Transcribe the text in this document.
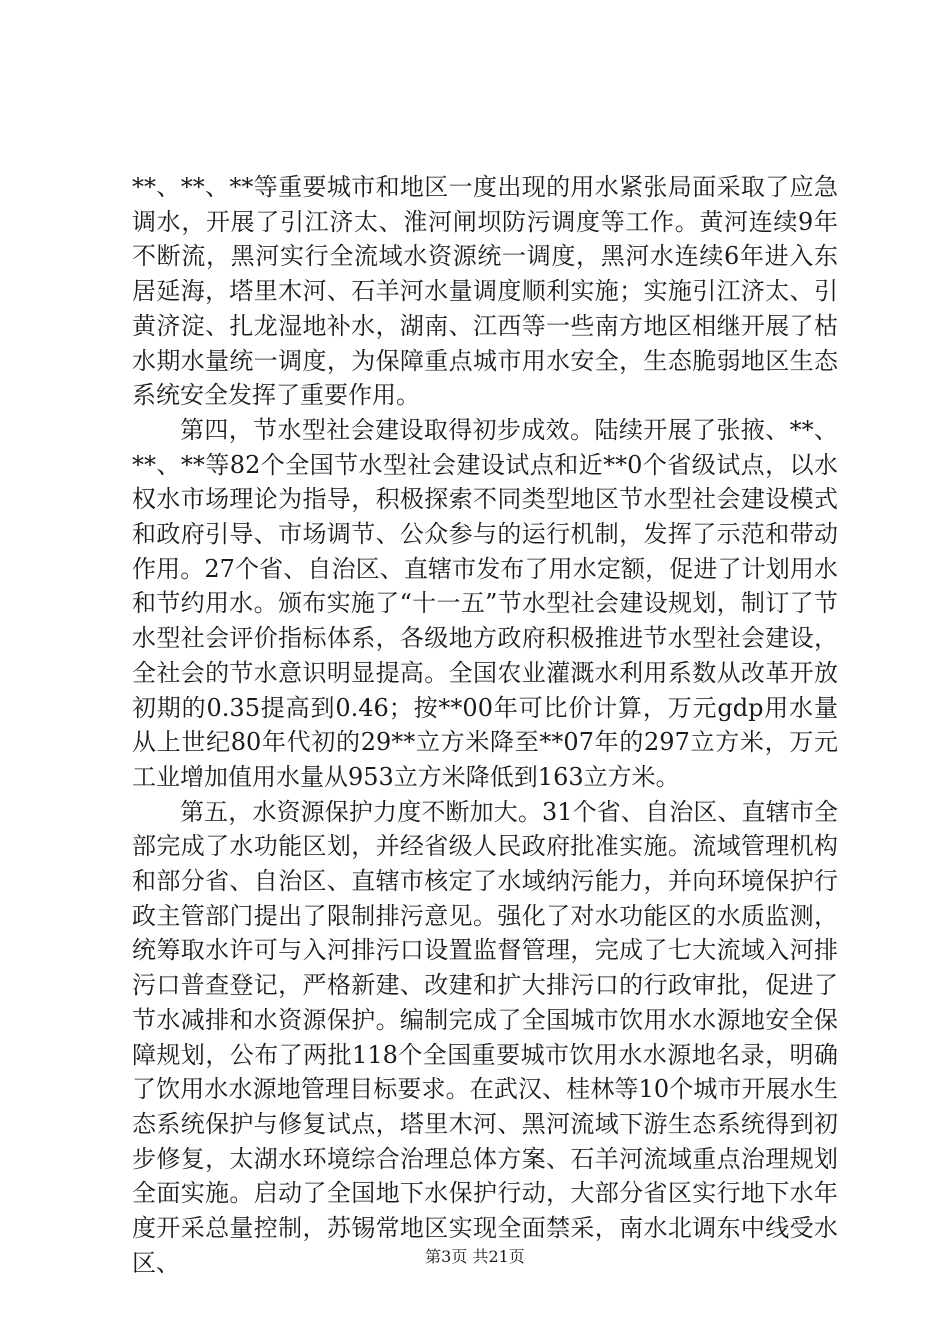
**、**、**等重要城市和地区一度出现的用水紧张局面采取了应急调水，开展了引江济太、淮河闸坝防污调度等工作。黄河连续9年不断流，黑河实行全流域水资源统一调度，黑河水连续6年进入东居延海，塔里木河、石羊河水量调度顺利实施；实施引江济太、引黄济淀、扎龙湿地补水，湖南、江西等一些南方地区相继开展了枯水期水量统一调度，为保障重点城市用水安全，生态脆弱地区生态系统安全发挥了重要作用。

第四，节水型社会建设取得初步成效。陆续开展了张掖、**、**、**等82个全国节水型社会建设试点和近**0个省级试点，以水权水市场理论为指导，积极探索不同类型地区节水型社会建设模式和政府引导、市场调节、公众参与的运行机制，发挥了示范和带动作用。27个省、自治区、直辖市发布了用水定额，促进了计划用水和节约用水。颁布实施了“十一五”节水型社会建设规划，制订了节水型社会评价指标体系，各级地方政府积极推进节水型社会建设，全社会的节水意识明显提高。全国农业灌溉水利用系数从改革开放初期的0.35提高到0.46；按**00年可比价计算，万元gdp用水量从上世纪80年代初的29**立方米降至**07年的297立方米，万元工业增加值用水量从953立方米降低到163立方米。

第五，水资源保护力度不断加大。31个省、自治区、直辖市全部完成了水功能区划，并经省级人民政府批准实施。流域管理机构和部分省、自治区、直辖市核定了水域纳污能力，并向环境保护行政主管部门提出了限制排污意见。强化了对水功能区的水质监测，统筹取水许可与入河排污口设置监督管理，完成了七大流域入河排污口普查登记，严格新建、改建和扩大排污口的行政审批，促进了节水减排和水资源保护。编制完成了全国城市饮用水水源地安全保障规划，公布了两批118个全国重要城市饮用水水源地名录，明确了饮用水水源地管理目标要求。在武汉、桂林等10个城市开展水生态系统保护与修复试点，塔里木河、黑河流域下游生态系统得到初步修复，太湖水环境综合治理总体方案、石羊河流域重点治理规划全面实施。启动了全国地下水保护行动，大部分省区实行地下水年度开采总量控制，苏锡常地区实现全面禁采，南水北调东中线受水区、	第3页 共21页
